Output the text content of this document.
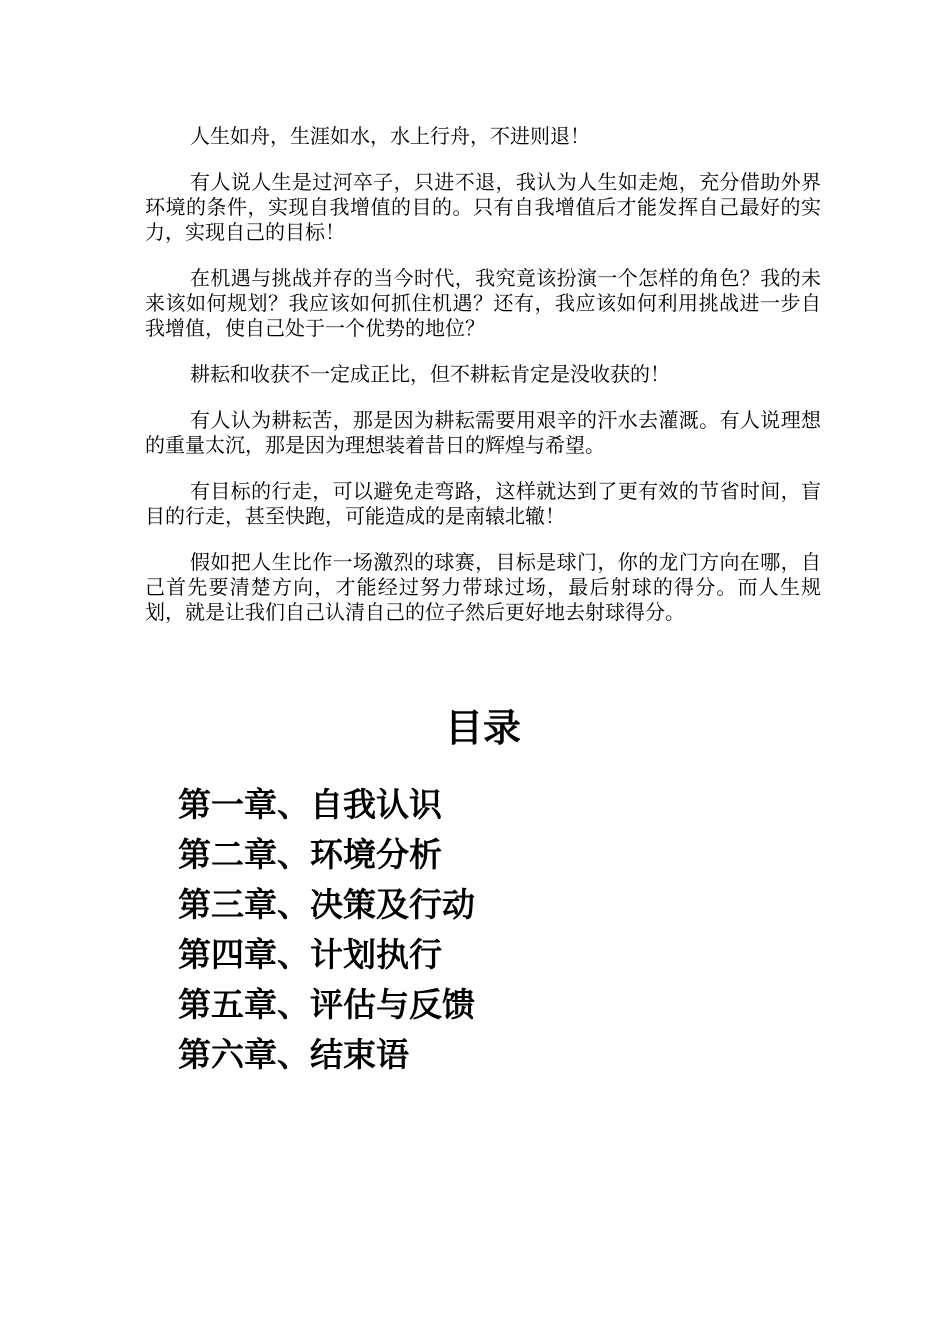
人生如舟，生涯如水，水上行舟，不进则退！

有人说人生是过河卒子，只进不退，我认为人生如走炮，充分借助外界环境的条件，实现自我增值的目的。只有自我增值后才能发挥自己最好的实力，实现自己的目标！

在机遇与挑战并存的当今时代，我究竟该扮演一个怎样的角色？我的未来该如何规划？我应该如何抓住机遇？还有，我应该如何利用挑战进一步自我增值，使自己处于一个优势的地位？

耕耘和收获不一定成正比，但不耕耘肯定是没收获的！

有人认为耕耘苦，那是因为耕耘需要用艰辛的汗水去灌溉。有人说理想的重量太沉，那是因为理想装着昔日的辉煌与希望。

有目标的行走，可以避免走弯路，这样就达到了更有效的节省时间，盲目的行走，甚至快跑，可能造成的是南辕北辙！

假如把人生比作一场激烈的球赛，目标是球门，你的龙门方向在哪，自己首先要清楚方向，才能经过努力带球过场，最后射球的得分。而人生规划，就是让我们自己认清自己的位子然后更好地去射球得分。

目录
第一章、自我认识
第二章、环境分析
第三章、决策及行动
第四章、计划执行
第五章、评估与反馈
第六章、结束语
